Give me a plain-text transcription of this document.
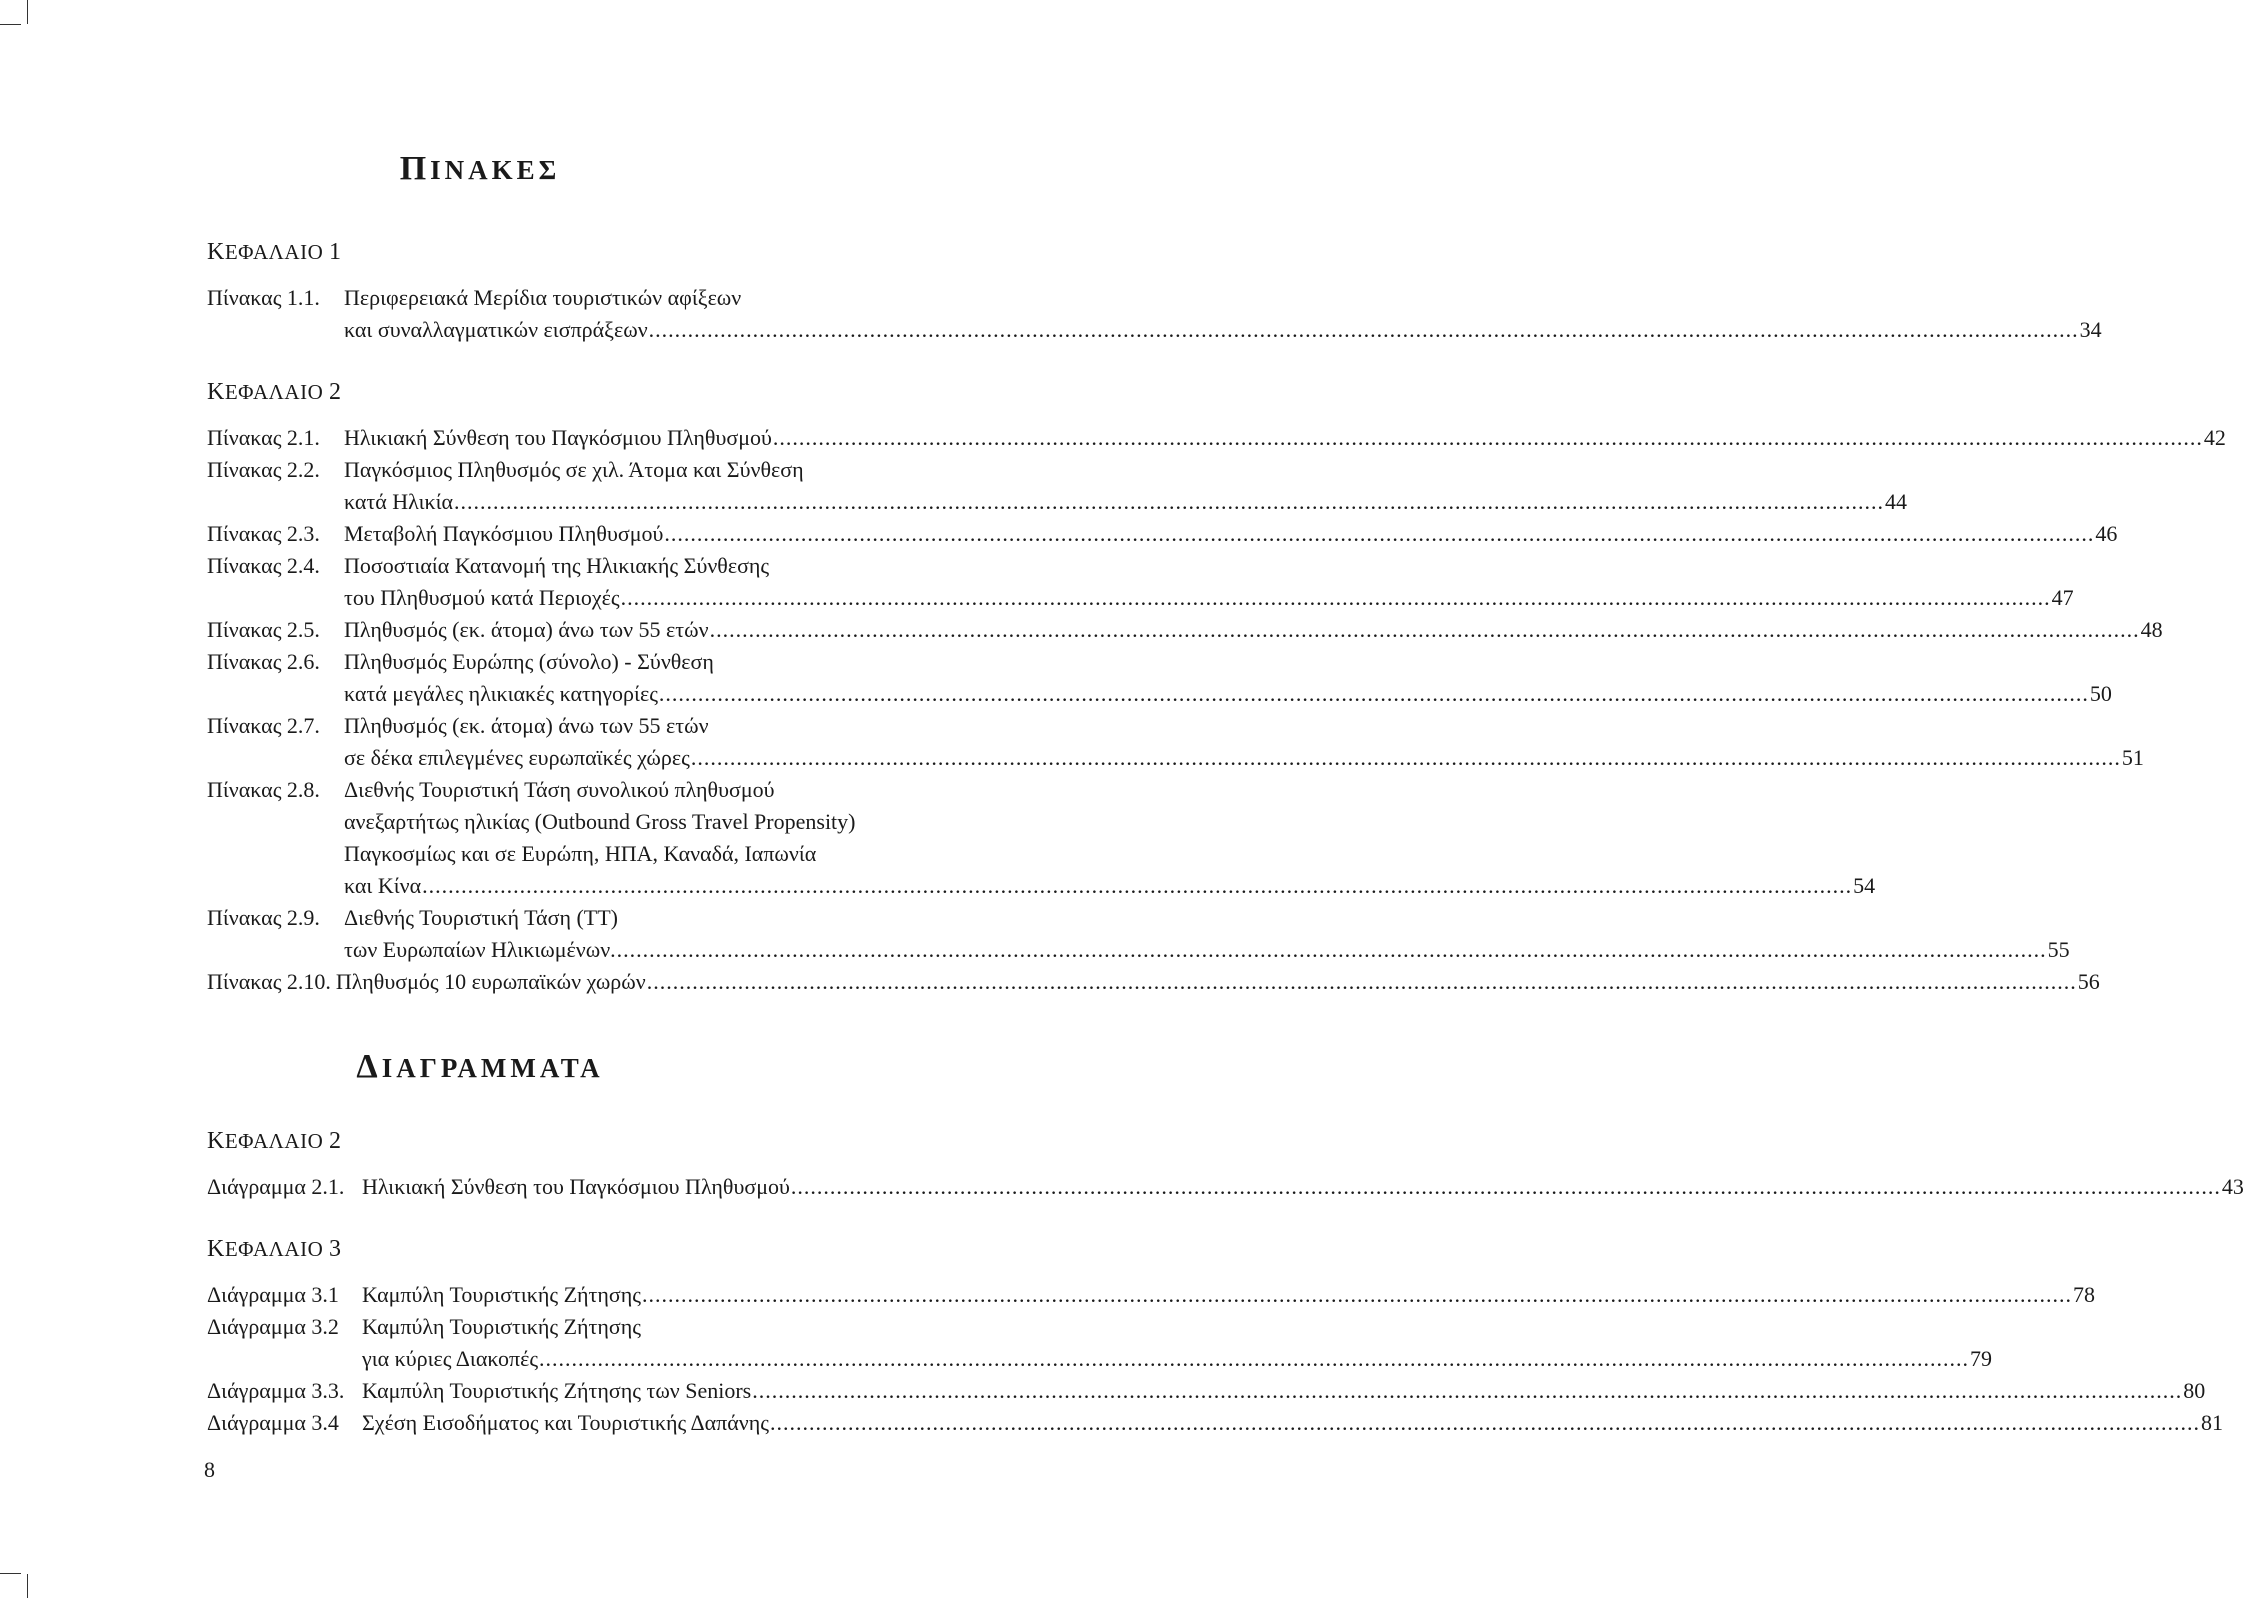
ΠΙΝΑΚΕΣ
ΚΕΦΑΛΑΙΟ 1
Πίνακας 1.1.	Περιφερειακά Μερίδια τουριστικών αφίξεων
και συναλλαγματικών εισπράξεων ............................................................................................................................................................................................................................ 34
ΚΕΦΑΛΑΙΟ 2
Πίνακας 2.1.	Ηλικιακή Σύνθεση του Παγκόσμιου Πληθυσμού ............................................................................................................................................................................................................................ 42
Πίνακας 2.2.	Παγκόσμιος Πληθυσμός σε χιλ. Άτομα και Σύνθεση
κατά Ηλικία ............................................................................................................................................................................................................................ 44
Πίνακας 2.3.	Μεταβολή Παγκόσμιου Πληθυσμού ............................................................................................................................................................................................................................ 46
Πίνακας 2.4.	Ποσοστιαία Κατανομή της Ηλικιακής Σύνθεσης
του Πληθυσμού κατά Περιοχές ............................................................................................................................................................................................................................ 47
Πίνακας 2.5.	Πληθυσμός (εκ. άτομα) άνω των 55 ετών ............................................................................................................................................................................................................................ 48
Πίνακας 2.6.	Πληθυσμός Ευρώπης (σύνολο) - Σύνθεση
κατά μεγάλες ηλικιακές κατηγορίες ............................................................................................................................................................................................................................ 50
Πίνακας 2.7.	Πληθυσμός (εκ. άτομα) άνω των 55 ετών
σε δέκα επιλεγμένες ευρωπαϊκές χώρες ............................................................................................................................................................................................................................ 51
Πίνακας 2.8.	Διεθνής Τουριστική Τάση συνολικού πληθυσμού
ανεξαρτήτως ηλικίας (Outbound Gross Travel Propensity)
Παγκοσμίως και σε Ευρώπη, ΗΠΑ, Καναδά, Ιαπωνία
και Κίνα ............................................................................................................................................................................................................................ 54
Πίνακας 2.9.	Διεθνής Τουριστική Τάση (ΤΤ)
των Ευρωπαίων Ηλικιωμένων. ............................................................................................................................................................................................................................ 55
Πίνακας 2.10. Πληθυσμός 10 ευρωπαϊκών χωρών ............................................................................................................................................................................................................................ 56
ΔΙΑΓΡΑΜΜΑΤΑ
ΚΕΦΑΛΑΙΟ 2
Διάγραμμα 2.1. Ηλικιακή Σύνθεση του Παγκόσμιου Πληθυσμού ............................................................................................................................................................................................................................ 43
ΚΕΦΑΛΑΙΟ 3
Διάγραμμα 3.1	Καμπύλη Τουριστικής Ζήτησης ............................................................................................................................................................................................................................ 78
Διάγραμμα 3.2	Καμπύλη Τουριστικής Ζήτησης
για κύριες Διακοπές ............................................................................................................................................................................................................................ 79
Διάγραμμα 3.3. Καμπύλη Τουριστικής Ζήτησης των Seniors ............................................................................................................................................................................................................................ 80
Διάγραμμα 3.4	Σχέση Εισοδήματος και Τουριστικής Δαπάνης ............................................................................................................................................................................................................................ 81
8
